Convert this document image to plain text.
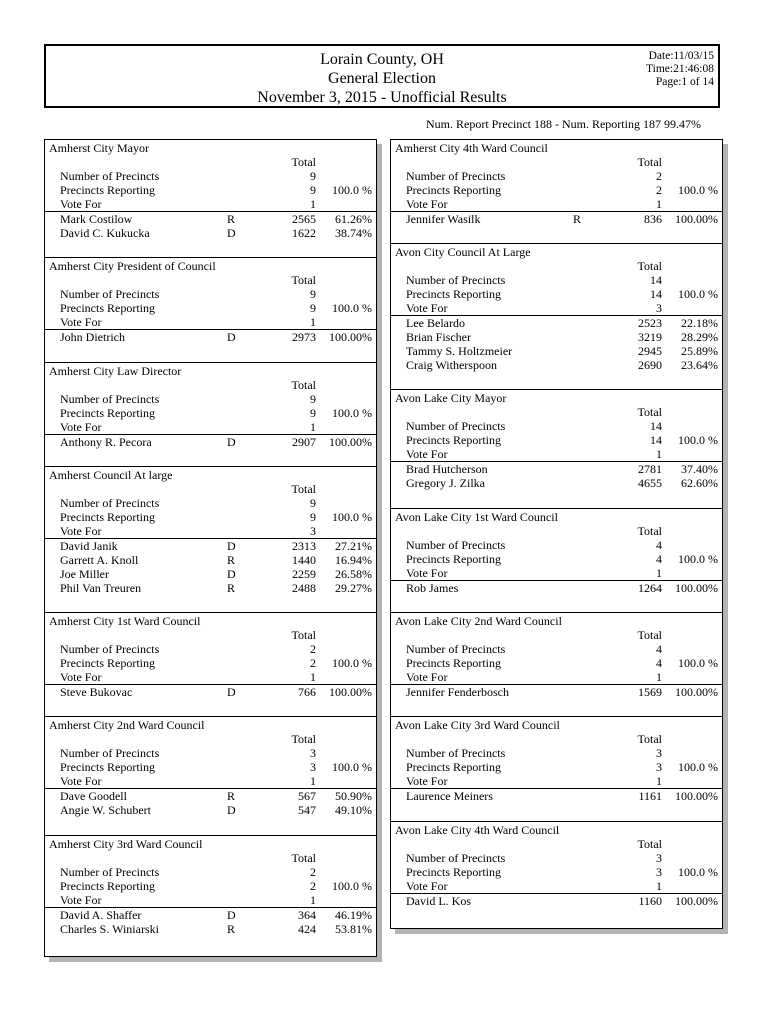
Lorain County, OH
General Election
November 3, 2015 - Unofficial Results
Date:11/03/15
Time:21:46:08
Page:1 of 14
Num. Report Precinct 188 - Num. Reporting 187 99.47%
Amherst City Mayor
Total
Number of Precincts	9
Precincts Reporting	9 100.0 %
Vote For	1
Mark Costilow	R	2565 61.26%
David C. Kukucka	D	1622 38.74%
Amherst City President of Council
Total
Number of Precincts	9
Precincts Reporting	9 100.0 %
Vote For	1
John Dietrich	D	2973 100.00%
Amherst City Law Director
Total
Number of Precincts	9
Precincts Reporting	9 100.0 %
Vote For	1
Anthony R. Pecora	D	2907 100.00%
Amherst Council At large
Total
Number of Precincts	9
Precincts Reporting	9 100.0 %
Vote For	3
David Janik	D	2313 27.21%
Garrett A. Knoll	R	1440 16.94%
Joe Miller	D	2259 26.58%
Phil Van Treuren	R	2488 29.27%
Amherst City 1st Ward Council
Total
Number of Precincts	2
Precincts Reporting	2 100.0 %
Vote For	1
Steve Bukovac	D	766 100.00%
Amherst City 2nd Ward Council
Total
Number of Precincts	3
Precincts Reporting	3 100.0 %
Vote For	1
Dave Goodell	R	567 50.90%
Angie W. Schubert	D	547 49.10%
Amherst City 3rd Ward Council
Total
Number of Precincts	2
Precincts Reporting	2 100.0 %
Vote For	1
David A. Shaffer	D	364 46.19%
Charles S. Winiarski	R	424 53.81%
Amherst City 4th Ward Council
Total
Number of Precincts	2
Precincts Reporting	2 100.0 %
Vote For	1
Jennifer Wasilk	R	836 100.00%
Avon City Council At Large
Total
Number of Precincts	14
Precincts Reporting	14 100.0 %
Vote For	3
Lee Belardo	2523 22.18%
Brian Fischer	3219 28.29%
Tammy S. Holtzmeier	2945 25.89%
Craig Witherspoon	2690 23.64%
Avon Lake City Mayor
Total
Number of Precincts	14
Precincts Reporting	14 100.0 %
Vote For	1
Brad Hutcherson	2781 37.40%
Gregory J. Zilka	4655 62.60%
Avon Lake City 1st Ward Council
Total
Number of Precincts	4
Precincts Reporting	4 100.0 %
Vote For	1
Rob James	1264 100.00%
Avon Lake City 2nd Ward Council
Total
Number of Precincts	4
Precincts Reporting	4 100.0 %
Vote For	1
Jennifer Fenderbosch	1569 100.00%
Avon Lake City 3rd Ward Council
Total
Number of Precincts	3
Precincts Reporting	3 100.0 %
Vote For	1
Laurence Meiners	1161 100.00%
Avon Lake City 4th Ward Council
Total
Number of Precincts	3
Precincts Reporting	3 100.0 %
Vote For	1
David L. Kos	1160 100.00%
